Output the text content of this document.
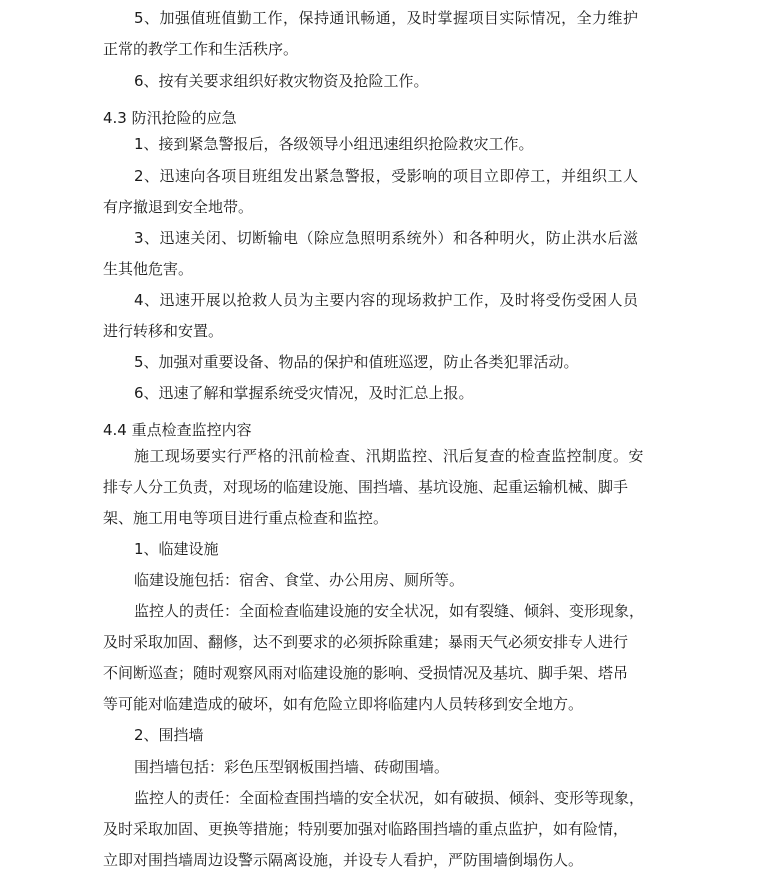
5、加强值班值勤工作，保持通讯畅通，及时掌握项目实际情况，全力维护
正常的教学工作和生活秩序。
6、按有关要求组织好救灾物资及抢险工作。
4.3 防汛抢险的应急
1、接到紧急警报后，各级领导小组迅速组织抢险救灾工作。
2、迅速向各项目班组发出紧急警报，受影响的项目立即停工，并组织工人
有序撤退到安全地带。
3、迅速关闭、切断输电（除应急照明系统外）和各种明火，防止洪水后滋
生其他危害。
4、迅速开展以抢救人员为主要内容的现场救护工作，及时将受伤受困人员
进行转移和安置。
5、加强对重要设备、物品的保护和值班巡逻，防止各类犯罪活动。
6、迅速了解和掌握系统受灾情况，及时汇总上报。
4.4 重点检查监控内容
施工现场要实行严格的汛前检查、汛期监控、汛后复查的检查监控制度。安
排专人分工负责，对现场的临建设施、围挡墙、基坑设施、起重运输机械、脚手
架、施工用电等项目进行重点检查和监控。
1、临建设施
临建设施包括：宿舍、食堂、办公用房、厕所等。
监控人的责任：全面检查临建设施的安全状况，如有裂缝、倾斜、变形现象，
及时采取加固、翻修，达不到要求的必须拆除重建；暴雨天气必须安排专人进行
不间断巡查；随时观察风雨对临建设施的影响、受损情况及基坑、脚手架、塔吊
等可能对临建造成的破坏，如有危险立即将临建内人员转移到安全地方。
2、围挡墙
围挡墙包括：彩色压型钢板围挡墙、砖砌围墙。
监控人的责任：全面检查围挡墙的安全状况，如有破损、倾斜、变形等现象，
及时采取加固、更换等措施；特别要加强对临路围挡墙的重点监护，如有险情，
立即对围挡墙周边设警示隔离设施，并设专人看护，严防围墙倒塌伤人。
